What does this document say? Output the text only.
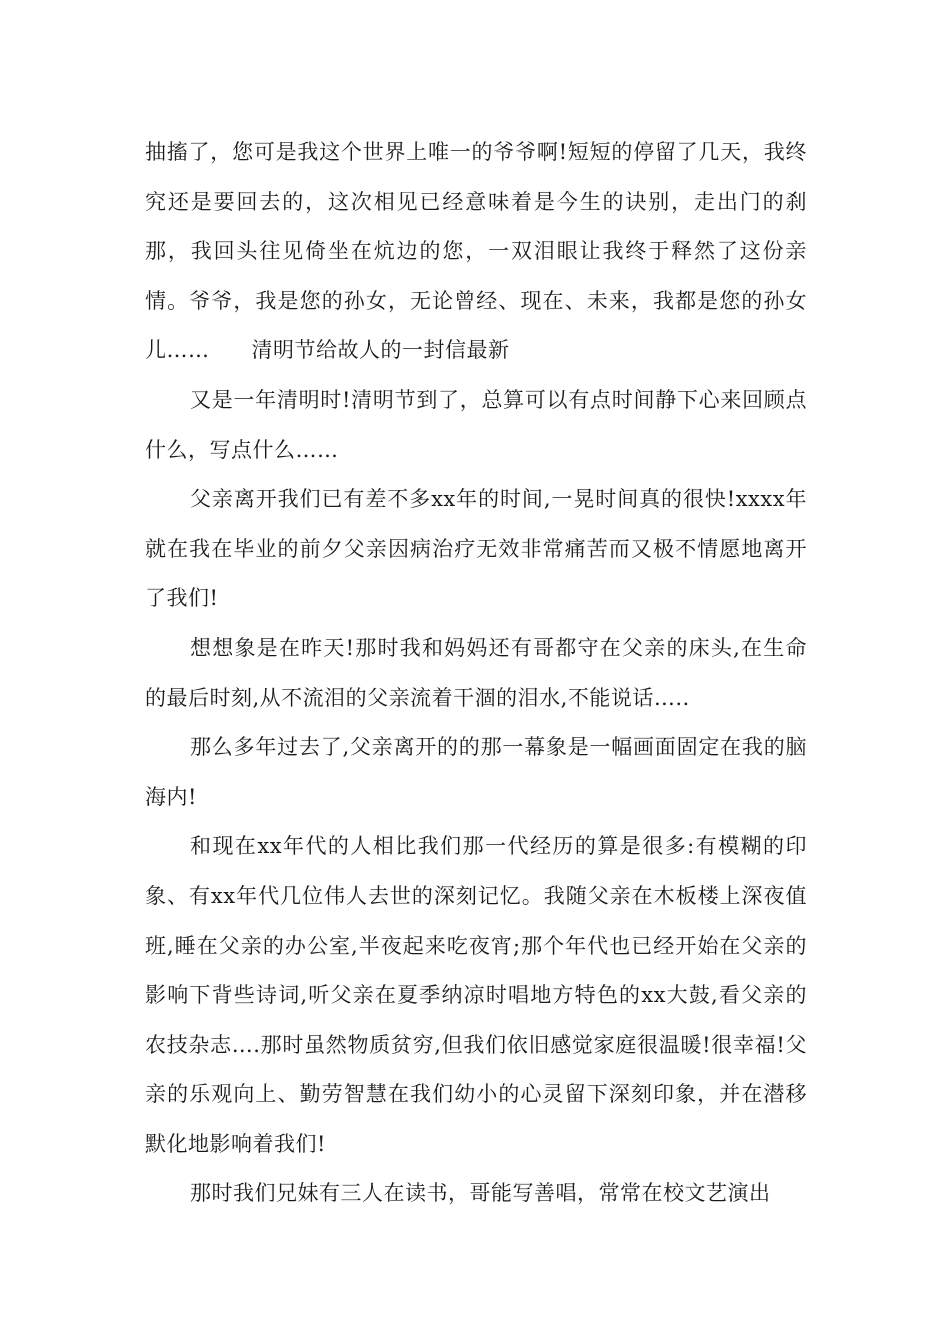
抽搐了，您可是我这个世界上唯一的爷爷啊!短短的停留了几天，我终究还是要回去的，这次相见已经意味着是今生的诀别，走出门的刹那，我回头往见倚坐在炕边的您，一双泪眼让我终于释然了这份亲情。爷爷，我是您的孙女，无论曾经、现在、未来，我都是您的孙女儿…… 清明节给故人的一封信最新

又是一年清明时!清明节到了，总算可以有点时间静下心来回顾点什么，写点什么……

父亲离开我们已有差不多xx年的时间,一晃时间真的很快!xxxx年就在我在毕业的前夕父亲因病治疗无效非常痛苦而又极不情愿地离开了我们!

想想象是在昨天!那时我和妈妈还有哥都守在父亲的床头,在生命的最后时刻,从不流泪的父亲流着干涸的泪水,不能说话…..

那么多年过去了,父亲离开的的那一幕象是一幅画面固定在我的脑海内!

和现在xx年代的人相比我们那一代经历的算是很多:有模糊的印象、有xx年代几位伟人去世的深刻记忆。我随父亲在木板楼上深夜值班,睡在父亲的办公室,半夜起来吃夜宵;那个年代也已经开始在父亲的影响下背些诗词,听父亲在夏季纳凉时唱地方特色的xx大鼓,看父亲的农技杂志….那时虽然物质贫穷,但我们依旧感觉家庭很温暖!很幸福!父亲的乐观向上、勤劳智慧在我们幼小的心灵留下深刻印象，并在潜移默化地影响着我们!

那时我们兄妹有三人在读书，哥能写善唱，常常在校文艺演出
